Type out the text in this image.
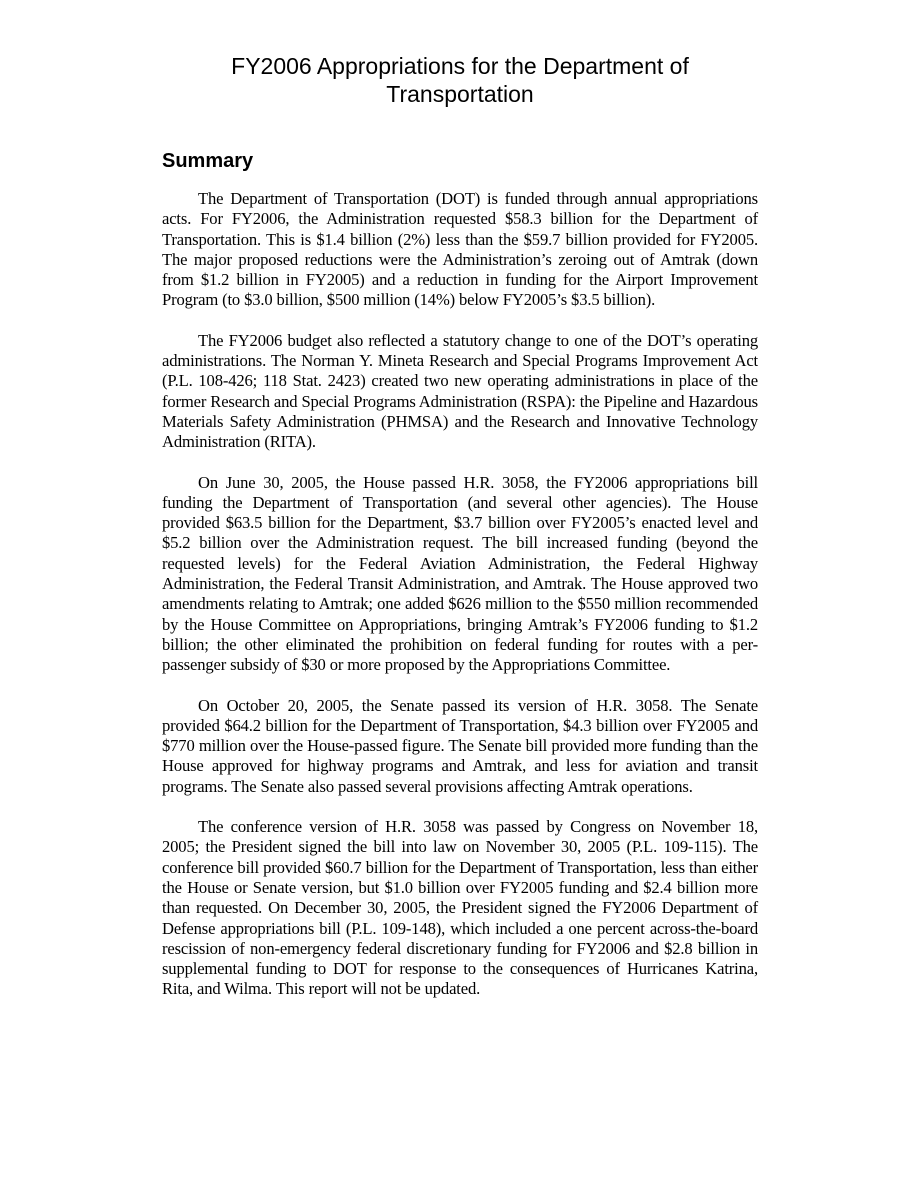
FY2006 Appropriations for the Department of Transportation
Summary

The Department of Transportation (DOT) is funded through annual appropriations acts. For FY2006, the Administration requested $58.3 billion for the Department of Transportation. This is $1.4 billion (2%) less than the $59.7 billion provided for FY2005. The major proposed reductions were the Administration’s zeroing out of Amtrak (down from $1.2 billion in FY2005) and a reduction in funding for the Airport Improvement Program (to $3.0 billion, $500 million (14%) below FY2005’s $3.5 billion).

The FY2006 budget also reflected a statutory change to one of the DOT’s operating administrations. The Norman Y. Mineta Research and Special Programs Improvement Act (P.L. 108-426; 118 Stat. 2423) created two new operating administrations in place of the former Research and Special Programs Administration (RSPA): the Pipeline and Hazardous Materials Safety Administration (PHMSA) and the Research and Innovative Technology Administration (RITA).

On June 30, 2005, the House passed H.R. 3058, the FY2006 appropriations bill funding the Department of Transportation (and several other agencies). The House provided $63.5 billion for the Department, $3.7 billion over FY2005’s enacted level and $5.2 billion over the Administration request. The bill increased funding (beyond the requested levels) for the Federal Aviation Administration, the Federal Highway Administration, the Federal Transit Administration, and Amtrak. The House approved two amendments relating to Amtrak; one added $626 million to the $550 million recommended by the House Committee on Appropriations, bringing Amtrak’s FY2006 funding to $1.2 billion; the other eliminated the prohibition on federal funding for routes with a per-passenger subsidy of $30 or more proposed by the Appropriations Committee.

On October 20, 2005, the Senate passed its version of H.R. 3058. The Senate provided $64.2 billion for the Department of Transportation, $4.3 billion over FY2005 and $770 million over the House-passed figure. The Senate bill provided more funding than the House approved for highway programs and Amtrak, and less for aviation and transit programs. The Senate also passed several provisions affecting Amtrak operations.

The conference version of H.R. 3058 was passed by Congress on November 18, 2005; the President signed the bill into law on November 30, 2005 (P.L. 109-115). The conference bill provided $60.7 billion for the Department of Transportation, less than either the House or Senate version, but $1.0 billion over FY2005 funding and $2.4 billion more than requested. On December 30, 2005, the President signed the FY2006 Department of Defense appropriations bill (P.L. 109-148), which included a one percent across-the-board rescission of non-emergency federal discretionary funding for FY2006 and $2.8 billion in supplemental funding to DOT for response to the consequences of Hurricanes Katrina, Rita, and Wilma. This report will not be updated.
